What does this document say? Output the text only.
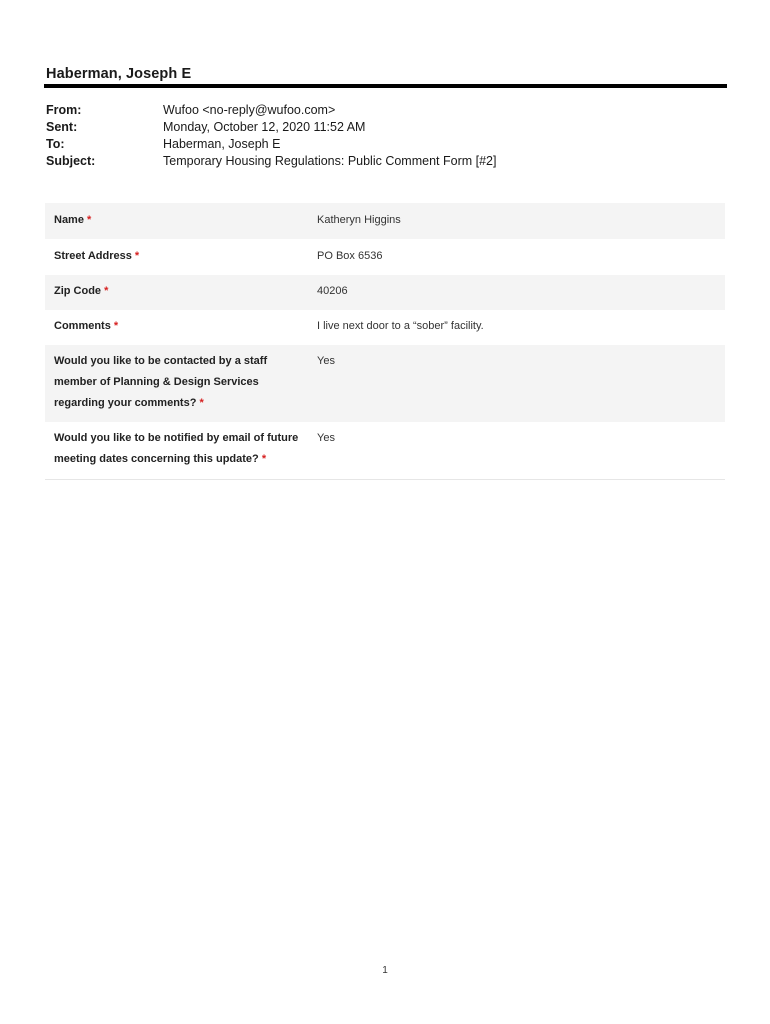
Haberman, Joseph E
From:	Wufoo <no-reply@wufoo.com>
Sent:	Monday, October 12, 2020 11:52 AM
To:	Haberman, Joseph E
Subject:	Temporary Housing Regulations: Public Comment Form [#2]
Name *	Katheryn Higgins
Street Address *	PO Box 6536
Zip Code *	40206
Comments *	I live next door to a “sober” facility.
Would you like to be contacted by a staff member of Planning & Design Services regarding your comments? *
Yes
Would you like to be notified by email of future meeting dates concerning this update? *
Yes
1
